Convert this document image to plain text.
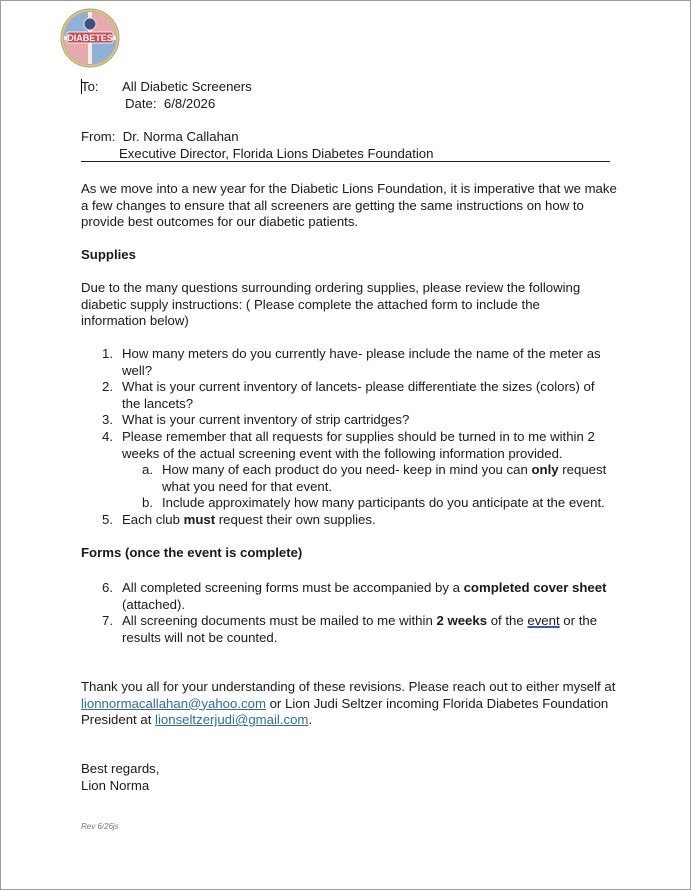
DIABETES
To: All Diabetic Screeners
Date: 6/8/2026
From: Dr. Norma Callahan
Executive Director, Florida Lions Diabetes Foundation
As we move into a new year for the Diabetic Lions Foundation, it is imperative that we make a few changes to ensure that all screeners are getting the same instructions on how to provide best outcomes for our diabetic patients.
Supplies
Due to the many questions surrounding ordering supplies, please review the following diabetic supply instructions: ( Please complete the attached form to include the information below)
1. How many meters do you currently have- please include the name of the meter as well?
2. What is your current inventory of lancets- please differentiate the sizes (colors) of the lancets?
3. What is your current inventory of strip cartridges?
4. Please remember that all requests for supplies should be turned in to me within 2 weeks of the actual screening event with the following information provided.
a. How many of each product do you need- keep in mind you can only request what you need for that event.
b. Include approximately how many participants do you anticipate at the event.
5. Each club must request their own supplies.
Forms (once the event is complete)
6. All completed screening forms must be accompanied by a completed cover sheet (attached).
7. All screening documents must be mailed to me within 2 weeks of the event or the results will not be counted.
Thank you all for your understanding of these revisions. Please reach out to either myself at lionnormacallahan@yahoo.com or Lion Judi Seltzer incoming Florida Diabetes Foundation President at lionseltzerjudi@gmail.com.
Best regards,
Lion Norma
Rev 6/26js
